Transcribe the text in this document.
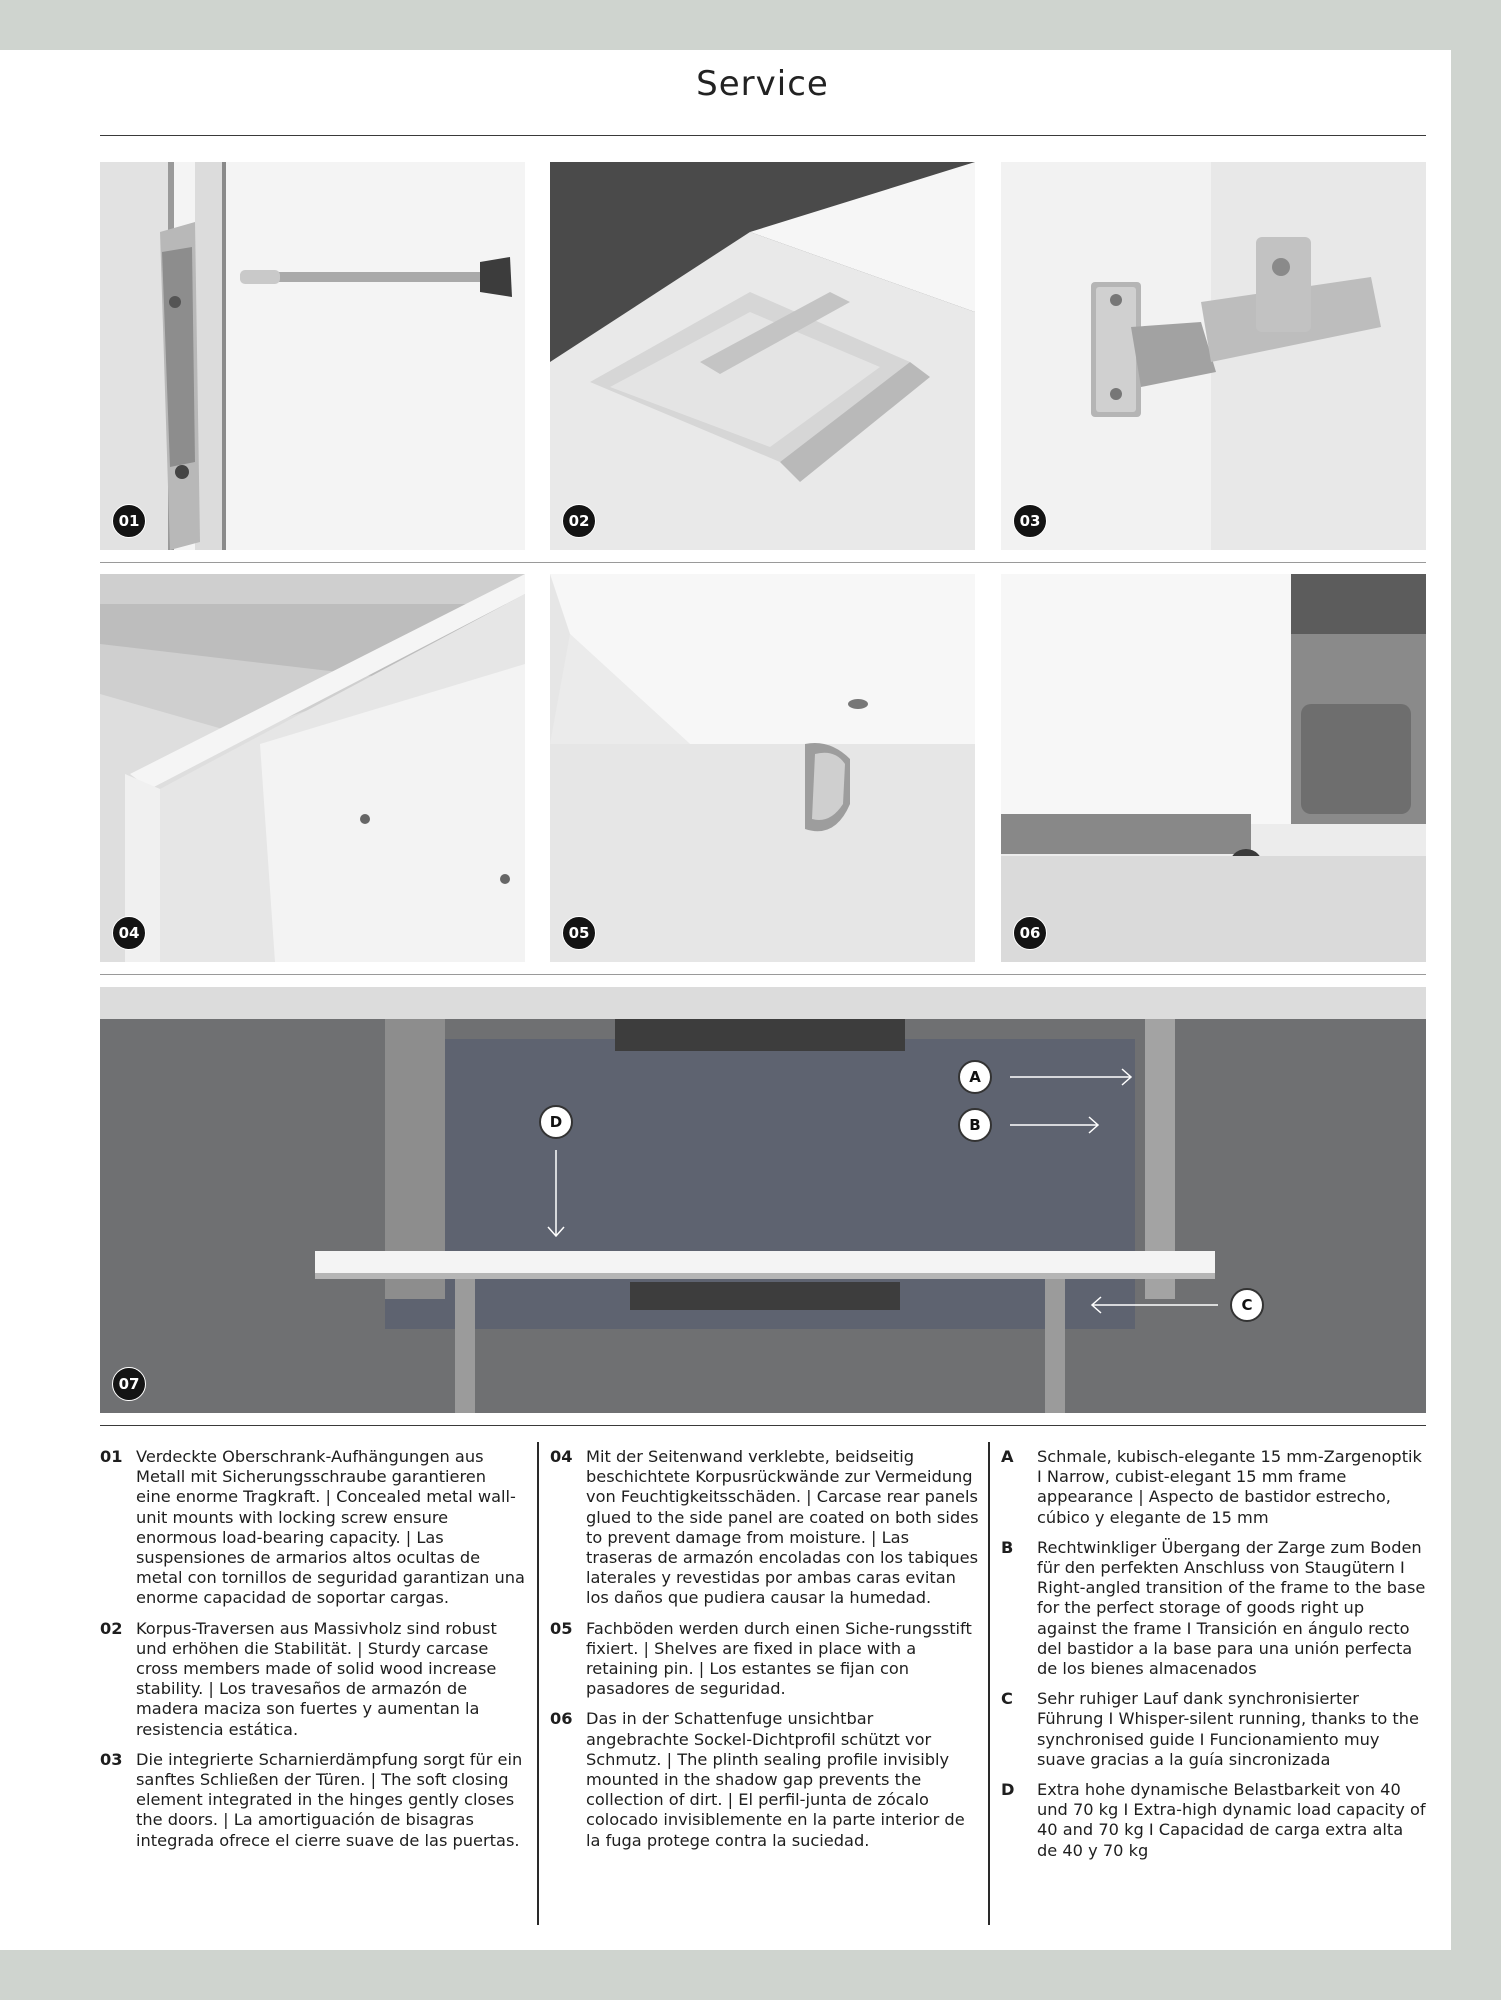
Service
01	02	03
04	05	06
A
B
C
D
07
01 Verdeckte Oberschrank-Aufhängungen aus Metall mit Sicherungsschraube garantieren eine enorme Tragkraft. | Concealed metal wall-unit mounts with locking screw ensure enormous load-bearing capacity. | Las suspensiones de armarios altos ocultas de metal con tornillos de seguridad garantizan una enorme capacidad de soportar cargas.
02 Korpus-Traversen aus Massivholz sind robust und erhöhen die Stabilität. | Sturdy carcase cross members made of solid wood increase stability. | Los travesaños de armazón de madera maciza son fuertes y aumentan la resistencia estática.
03 Die integrierte Scharnierdämpfung sorgt für ein sanftes Schließen der Türen. | The soft closing element integrated in the hinges gently closes the doors. | La amortiguación de bisagras integrada ofrece el cierre suave de las puertas.
04 Mit der Seitenwand verklebte, beidseitig beschichtete Korpusrückwände zur Vermeidung von Feuchtigkeitsschäden. | Carcase rear panels glued to the side panel are coated on both sides to prevent damage from moisture. | Las traseras de armazón encoladas con los tabiques laterales y revestidas por ambas caras evitan los daños que pudiera causar la humedad.
05 Fachböden werden durch einen Siche-rungsstift fixiert. | Shelves are fixed in place with a retaining pin. | Los estantes se fijan con pasadores de seguridad.
06 Das in der Schattenfuge unsichtbar angebrachte Sockel-Dichtprofil schützt vor Schmutz. | The plinth sealing profile invisibly mounted in the shadow gap prevents the collection of dirt. | El perfil-junta de zócalo colocado invisiblemente en la parte interior de la fuga protege contra la suciedad.
A	Schmale, kubisch-elegante 15 mm-Zargenoptik I Narrow, cubist-elegant 15 mm frame appearance | Aspecto de bastidor estrecho, cúbico y elegante de 15 mm
B	Rechtwinkliger Übergang der Zarge zum Boden für den perfekten Anschluss von Staugütern I Right-angled transition of the frame to the base for the perfect storage of goods right up against the frame I Transición en ángulo recto del bastidor a la base para una unión perfecta de los bienes almacenados
C	Sehr ruhiger Lauf dank synchronisierter Führung I Whisper-silent running, thanks to the synchronised guide I Funcionamiento muy suave gracias a la guía sincronizada
D	Extra hohe dynamische Belastbarkeit von 40 und 70 kg I Extra-high dynamic load capacity of 40 and 70 kg I Capacidad de carga extra alta de 40 y 70 kg
